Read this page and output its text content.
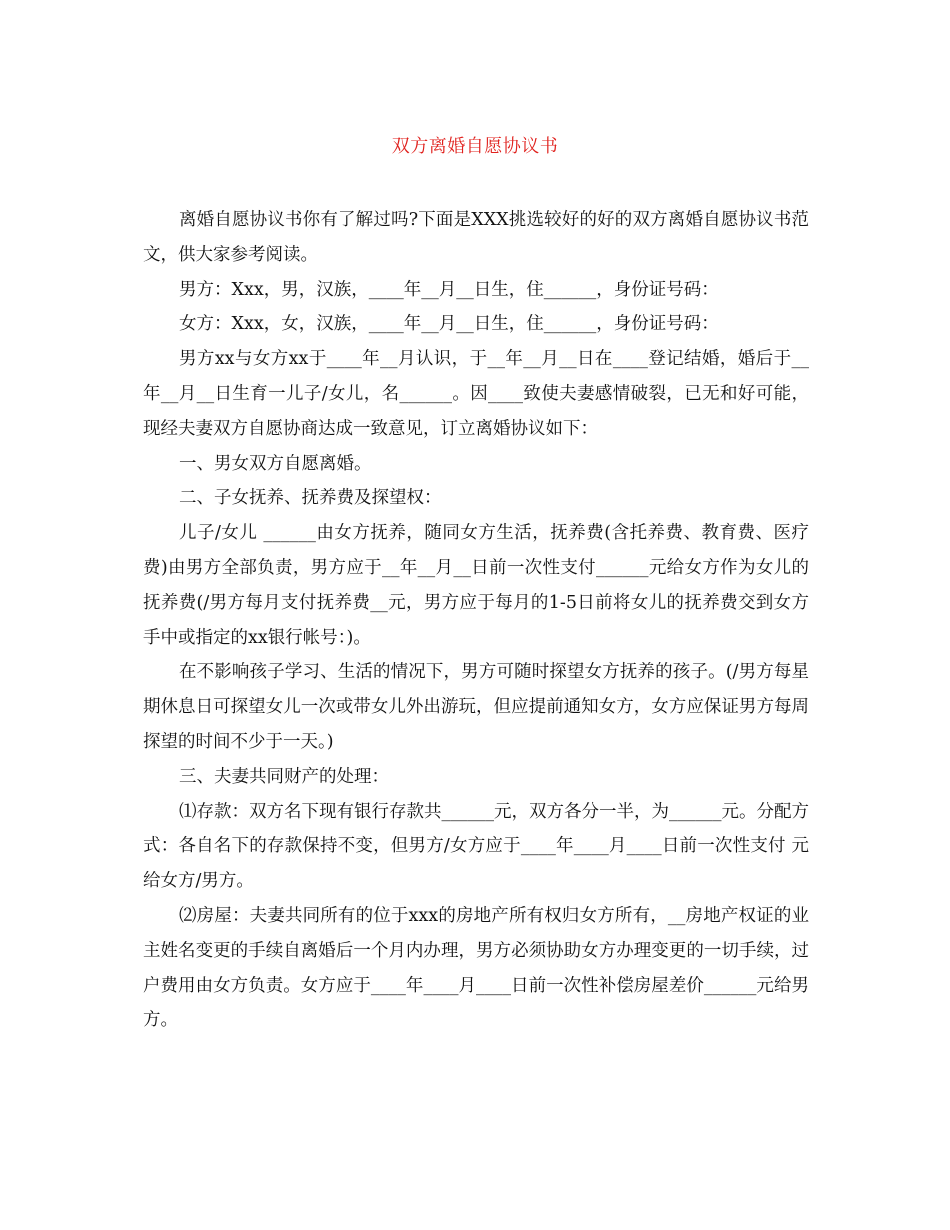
双方离婚自愿协议书

离婚自愿协议书你有了解过吗?下面是XXX挑选较好的好的双方离婚自愿协议书范文，供大家参考阅读。

男方：Xxx，男，汉族，____年__月__日生，住______，身份证号码：

女方：Xxx，女，汉族，____年__月__日生，住______，身份证号码：

男方xx与女方xx于____年__月认识，于__年__月__日在____登记结婚，婚后于__年__月__日生育一儿子/女儿，名______。因____致使夫妻感情破裂，已无和好可能，现经夫妻双方自愿协商达成一致意见，订立离婚协议如下：

一、男女双方自愿离婚。

二、子女抚养、抚养费及探望权：

儿子/女儿 ______由女方抚养，随同女方生活，抚养费(含托养费、教育费、医疗费)由男方全部负责，男方应于__年__月__日前一次性支付______元给女方作为女儿的抚养费(/男方每月支付抚养费__元，男方应于每月的1-5日前将女儿的抚养费交到女方手中或指定的xx银行帐号：)。

在不影响孩子学习、生活的情况下，男方可随时探望女方抚养的孩子。(/男方每星期休息日可探望女儿一次或带女儿外出游玩，但应提前通知女方，女方应保证男方每周探望的时间不少于一天。)

三、夫妻共同财产的处理：

⑴存款：双方名下现有银行存款共______元，双方各分一半，为______元。分配方式：各自名下的存款保持不变，但男方/女方应于____年____月____日前一次性支付 元给女方/男方。

⑵房屋：夫妻共同所有的位于xxx的房地产所有权归女方所有，__房地产权证的业主姓名变更的手续自离婚后一个月内办理，男方必须协助女方办理变更的一切手续，过户费用由女方负责。女方应于____年____月____日前一次性补偿房屋差价______元给男方。
